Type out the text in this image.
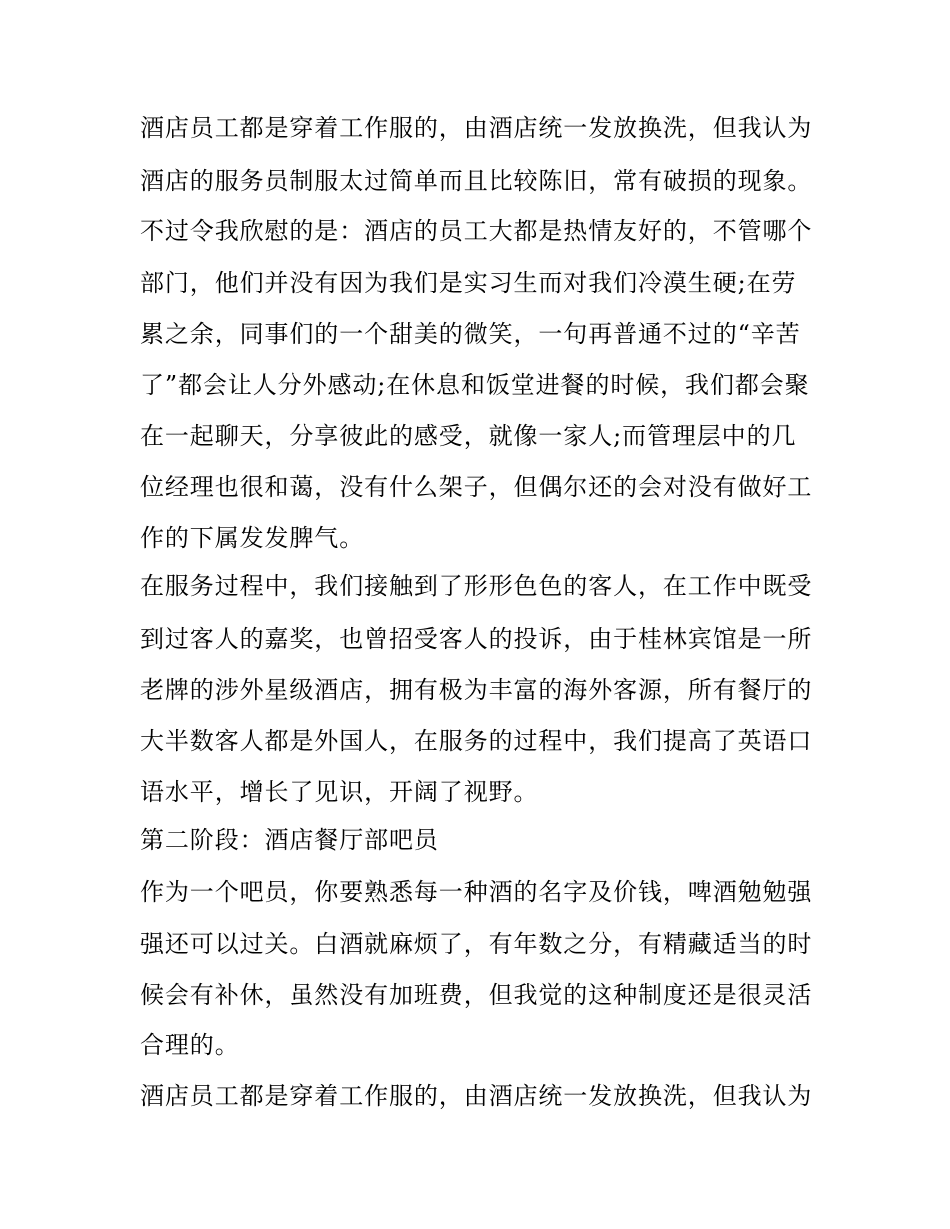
酒店员工都是穿着工作服的，由酒店统一发放换洗，但我认为
酒店的服务员制服太过简单而且比较陈旧，常有破损的现象。
不过令我欣慰的是：酒店的员工大都是热情友好的，不管哪个
部门，他们并没有因为我们是实习生而对我们冷漠生硬;在劳
累之余，同事们的一个甜美的微笑，一句再普通不过的“辛苦
了”都会让人分外感动;在休息和饭堂进餐的时候，我们都会聚
在一起聊天，分享彼此的感受，就像一家人;而管理层中的几
位经理也很和蔼，没有什么架子，但偶尔还的会对没有做好工
作的下属发发脾气。
在服务过程中，我们接触到了形形色色的客人，在工作中既受
到过客人的嘉奖，也曾招受客人的投诉，由于桂林宾馆是一所
老牌的涉外星级酒店，拥有极为丰富的海外客源，所有餐厅的
大半数客人都是外国人，在服务的过程中，我们提高了英语口
语水平，增长了见识，开阔了视野。
第二阶段：酒店餐厅部吧员
作为一个吧员，你要熟悉每一种酒的名字及价钱，啤酒勉勉强
强还可以过关。白酒就麻烦了，有年数之分，有精藏适当的时
候会有补休，虽然没有加班费，但我觉的这种制度还是很灵活
合理的。
酒店员工都是穿着工作服的，由酒店统一发放换洗，但我认为
